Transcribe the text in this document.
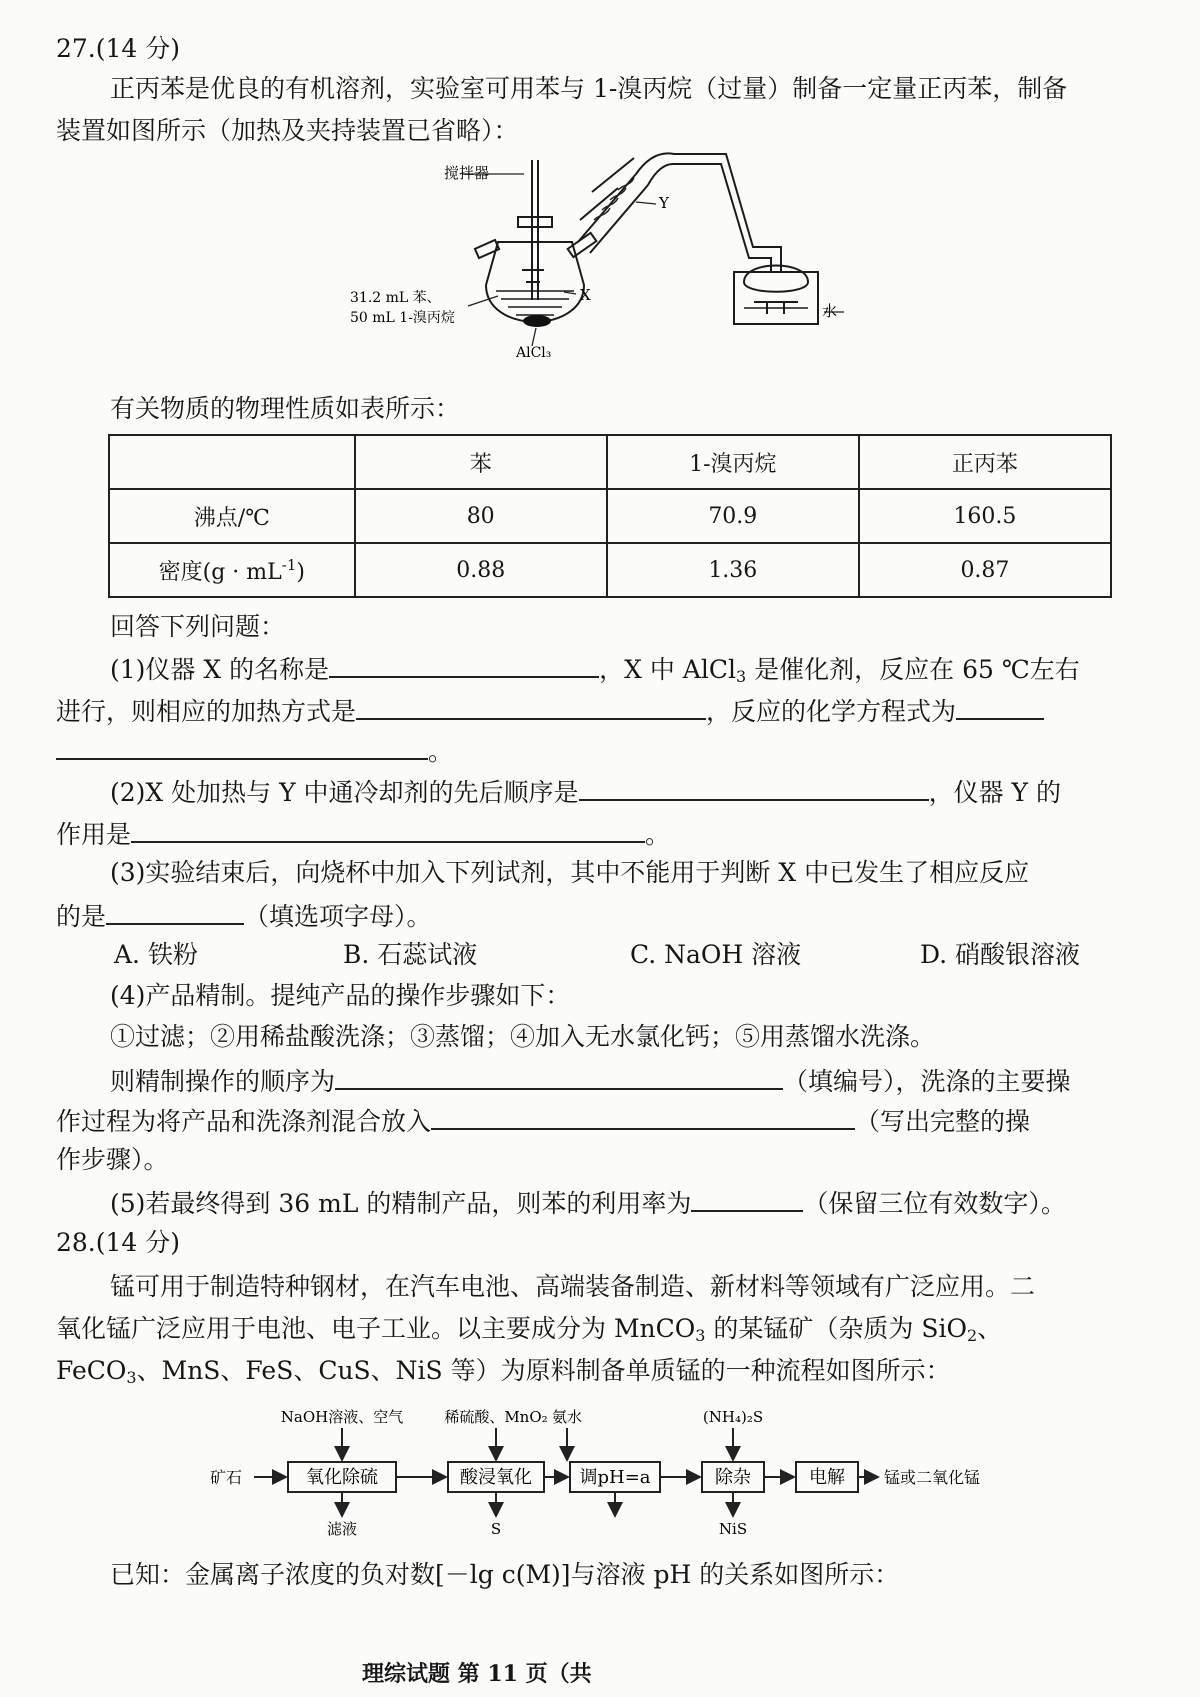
27.(14 分)
正丙苯是优良的有机溶剂，实验室可用苯与 1-溴丙烷（过量）制备一定量正丙苯，制备
装置如图所示（加热及夹持装置已省略）：
搅拌器
Y
X
31.2 mL 苯、
50 mL 1-溴丙烷
AlCl₃
水
有关物质的物理性质如表所示：
	苯	1-溴丙烷	正丙苯
沸点/℃	80	70.9	160.5
密度$(g \cdot mL^{-1})$	0.88	1.36	0.87
回答下列问题：
(1)仪器 X 的名称是	，X 中 AlCl$_3$ 是催化剂，反应在 65 ℃左右
进行，则相应的加热方式是	，反应的化学方程式为
。
(2)X 处加热与 Y 中通冷却剂的先后顺序是	，仪器 Y 的
作用是	。
(3)实验结束后，向烧杯中加入下列试剂，其中不能用于判断 X 中已发生了相应反应
的是	（填选项字母）。
A. 铁粉	B. 石蕊试液	C. NaOH 溶液	D. 硝酸银溶液
(4)产品精制。提纯产品的操作步骤如下：
①过滤；②用稀盐酸洗涤；③蒸馏；④加入无水氯化钙；⑤用蒸馏水洗涤。
则精制操作的顺序为	（填编号），洗涤的主要操
作过程为将产品和洗涤剂混合放入	（写出完整的操
作步骤）。
(5)若最终得到 36 mL 的精制产品，则苯的利用率为	（保留三位有效数字）。
28.(14 分)
锰可用于制造特种钢材，在汽车电池、高端装备制造、新材料等领域有广泛应用。二
氧化锰广泛应用于电池、电子工业。以主要成分为 MnCO$_3$ 的某锰矿（杂质为 SiO$_2$、
FeCO$_3$、MnS、FeS、CuS、NiS 等）为原料制备单质锰的一种流程如图所示：
矿石	氧化除硫	酸浸氧化	调pH=a	除杂	电解 锰或二氧化锰
NaOH溶液、空气	稀硫酸、MnO₂ 氨水	(NH₄)₂S
滤液	S	NiS
已知：金属离子浓度的负对数[－lg c(M)]与溶液 pH 的关系如图所示：
理综试题 第 11 页（共
